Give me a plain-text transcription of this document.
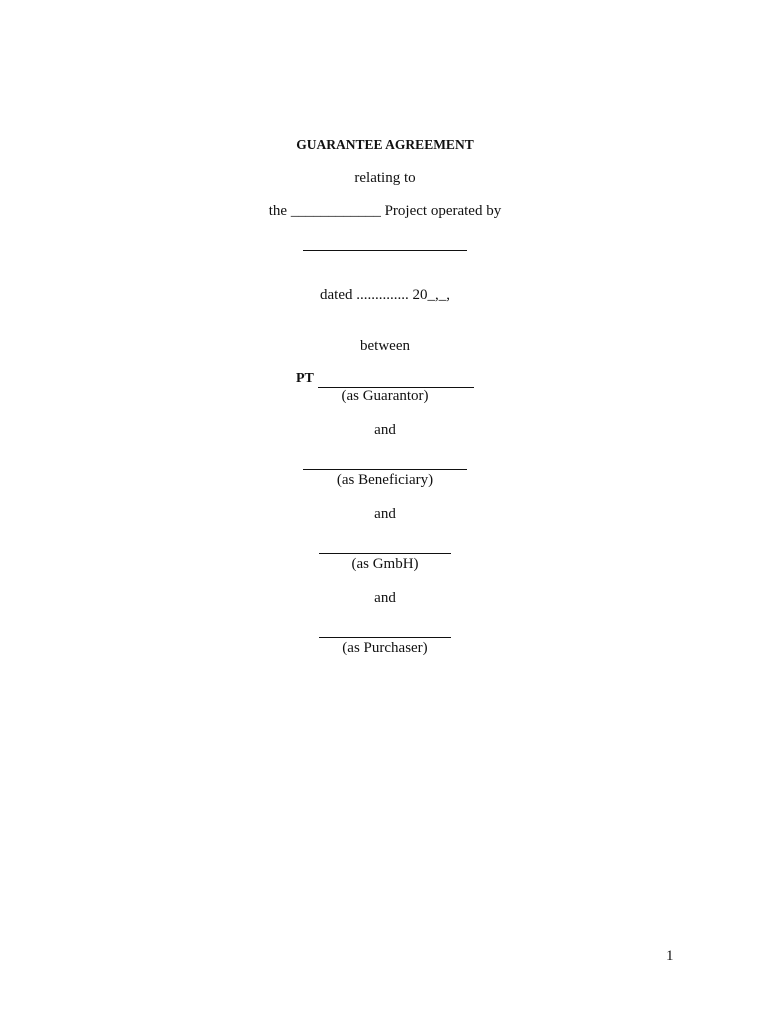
GUARANTEE AGREEMENT
relating to
the ____________ Project operated by
dated .............. 20_,_,
between
PT
(as Guarantor)
and
(as Beneficiary)
and
(as GmbH)
and
(as Purchaser)
1
